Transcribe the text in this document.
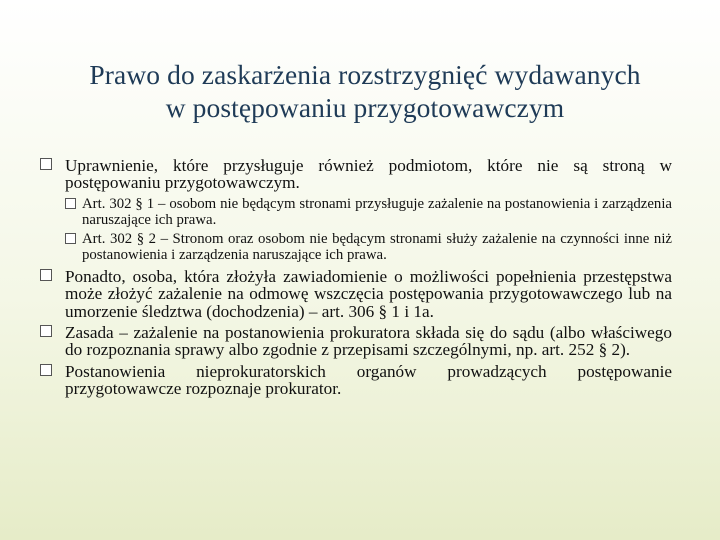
Prawo do zaskarżenia rozstrzygnięć wydawanych
w postępowaniu przygotowawczym
Uprawnienie, które przysługuje również podmiotom, które nie są stroną w postępowaniu przygotowawczym.
Art. 302 § 1 – osobom nie będącym stronami przysługuje zażalenie na postanowienia i zarządzenia naruszające ich prawa.
Art. 302 § 2 – Stronom oraz osobom nie będącym stronami służy zażalenie na czynności inne niż postanowienia i zarządzenia naruszające ich prawa.
Ponadto, osoba, która złożyła zawiadomienie o możliwości popełnienia przestępstwa może złożyć zażalenie na odmowę wszczęcia postępowania przygotowawczego lub na umorzenie śledztwa (dochodzenia) – art. 306 § 1 i 1a.
Zasada – zażalenie na postanowienia prokuratora składa się do sądu (albo właściwego do rozpoznania sprawy albo zgodnie z przepisami szczególnymi, np. art. 252 § 2).
Postanowienia nieprokuratorskich organów prowadzących postępowanie przygotowawcze rozpoznaje prokurator.
